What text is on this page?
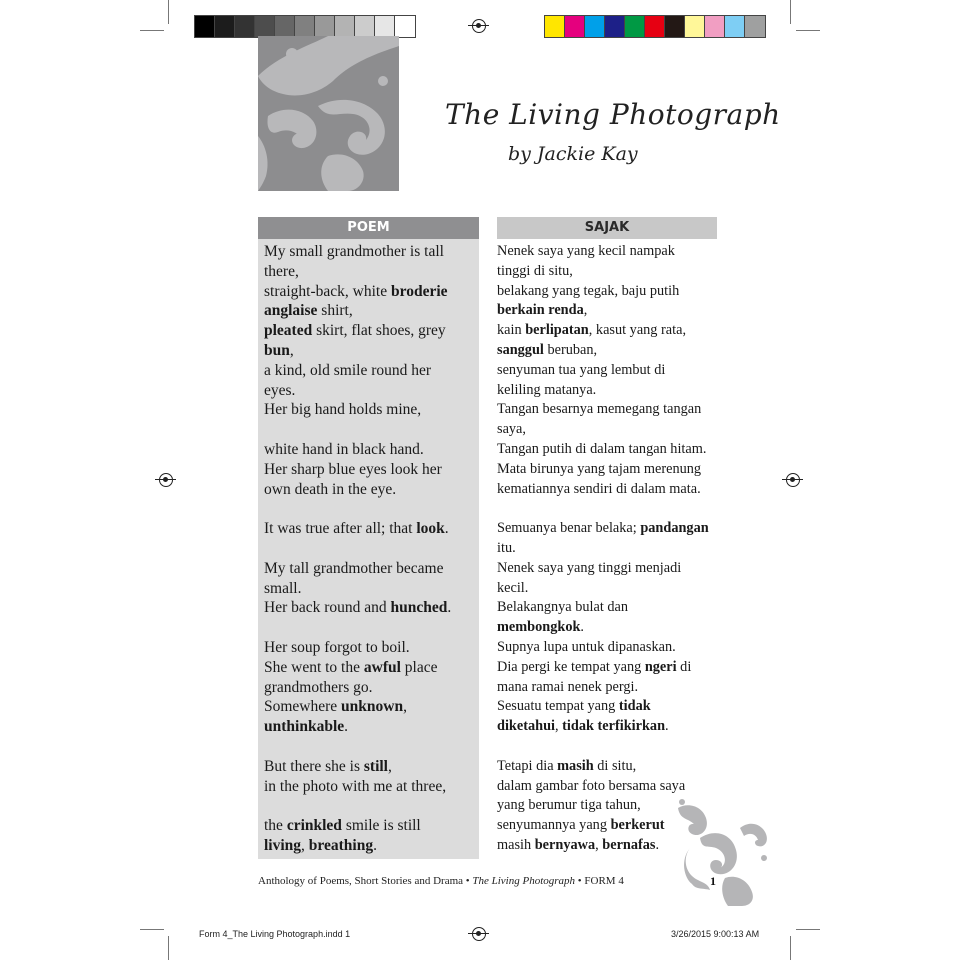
The Living Photograph
by Jackie Kay
POEM	SAJAK
My small grandmother is tall
there,
straight-back, white broderie
anglaise shirt,
pleated skirt, flat shoes, grey
bun,
a kind, old smile round her
eyes.
Her big hand holds mine,
white hand in black hand.
Her sharp blue eyes look her
own death in the eye.
It was true after all; that look.
My tall grandmother became
small.
Her back round and hunched.
Her soup forgot to boil.
She went to the awful place
grandmothers go.
Somewhere unknown,
unthinkable.
But there she is still,
in the photo with me at three,
the crinkled smile is still
living, breathing.
Nenek saya yang kecil nampak
tinggi di situ,
belakang yang tegak, baju putih
berkain renda,
kain berlipatan, kasut yang rata,
sanggul beruban,
senyuman tua yang lembut di
keliling matanya.
Tangan besarnya memegang tangan
saya,
Tangan putih di dalam tangan hitam.
Mata birunya yang tajam merenung
kematiannya sendiri di dalam mata.
Semuanya benar belaka; pandangan
itu.
Nenek saya yang tinggi menjadi
kecil.
Belakangnya bulat dan
membongkok.
Supnya lupa untuk dipanaskan.
Dia pergi ke tempat yang ngeri di
mana ramai nenek pergi.
Sesuatu tempat yang tidak
diketahui, tidak terfikirkan.
Tetapi dia masih di situ,
dalam gambar foto bersama saya
yang berumur tiga tahun,
senyumannya yang berkerut
masih bernyawa, bernafas.
Anthology of Poems, Short Stories and Drama • The Living Photograph • FORM 4	1
Form 4_The Living Photograph.indd 1	3/26/2015 9:00:13 AM
